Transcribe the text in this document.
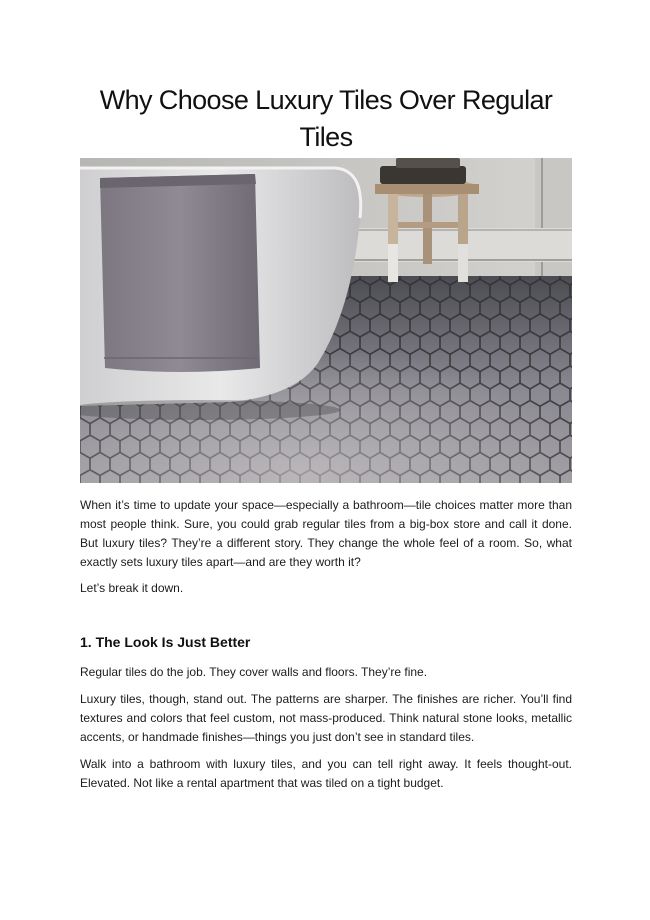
Why Choose Luxury Tiles Over Regular Tiles

When it’s time to update your space—especially a bathroom—tile choices matter more than most people think. Sure, you could grab regular tiles from a big-box store and call it done. But luxury tiles? They’re a different story. They change the whole feel of a room. So, what exactly sets luxury tiles apart—and are they worth it?

Let’s break it down.

1. The Look Is Just Better

Regular tiles do the job. They cover walls and floors. They’re fine.

Luxury tiles, though, stand out. The patterns are sharper. The finishes are richer. You’ll find textures and colors that feel custom, not mass-produced. Think natural stone looks, metallic accents, or handmade finishes—things you just don’t see in standard tiles.

Walk into a bathroom with luxury tiles, and you can tell right away. It feels thought-out. Elevated. Not like a rental apartment that was tiled on a tight budget.
